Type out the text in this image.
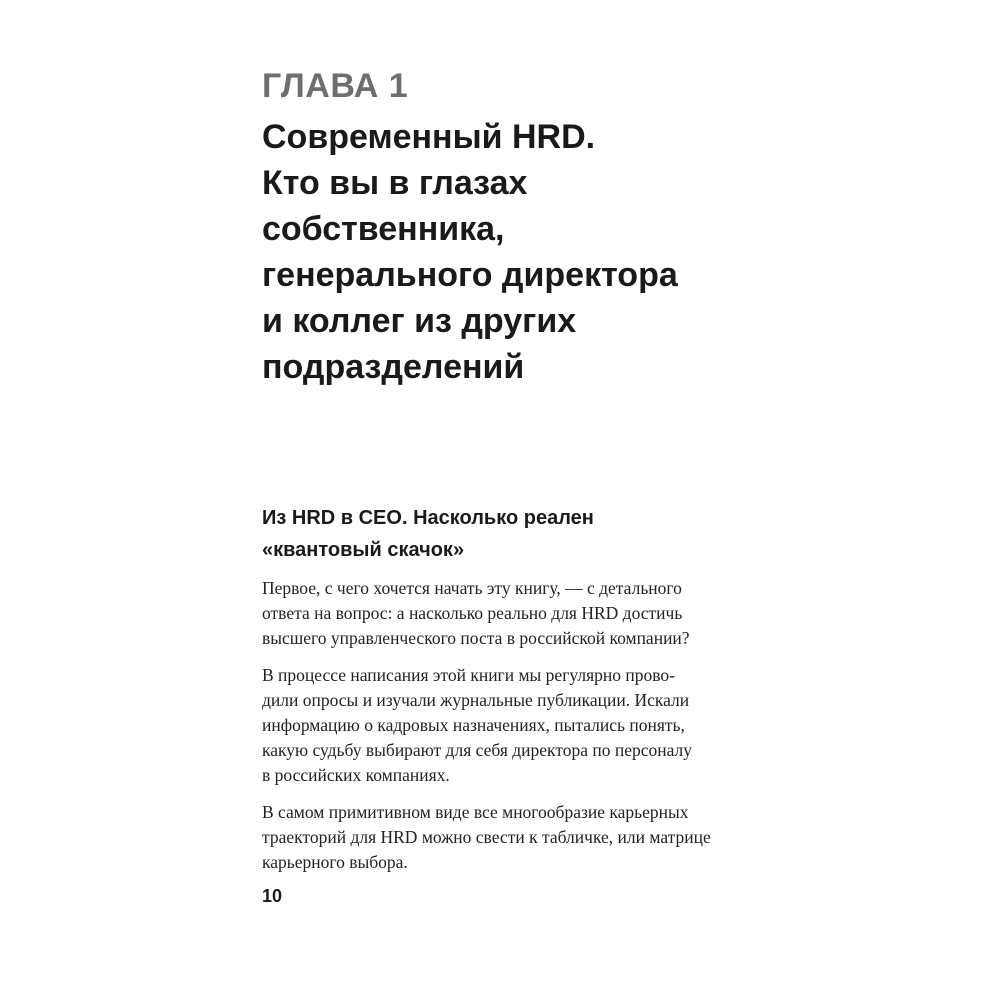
ГЛАВА 1
Современный HRD.
Кто вы в глазах
собственника,
генерального директора
и коллег из других
подразделений
Из HRD в CEO. Насколько реален
«квантовый скачок»

Первое, с чего хочется начать эту книгу, — с детального
ответа на вопрос: а насколько реально для HRD достичь
высшего управленческого поста в российской компании?

В процессе написания этой книги мы регулярно прово-
дили опросы и изучали журнальные публикации. Искали
информацию о кадровых назначениях, пытались понять,
какую судьбу выбирают для себя директора по персоналу
в российских компаниях.

В самом примитивном виде все многообразие карьерных
траекторий для HRD можно свести к табличке, или матрице
карьерного выбора.

10
